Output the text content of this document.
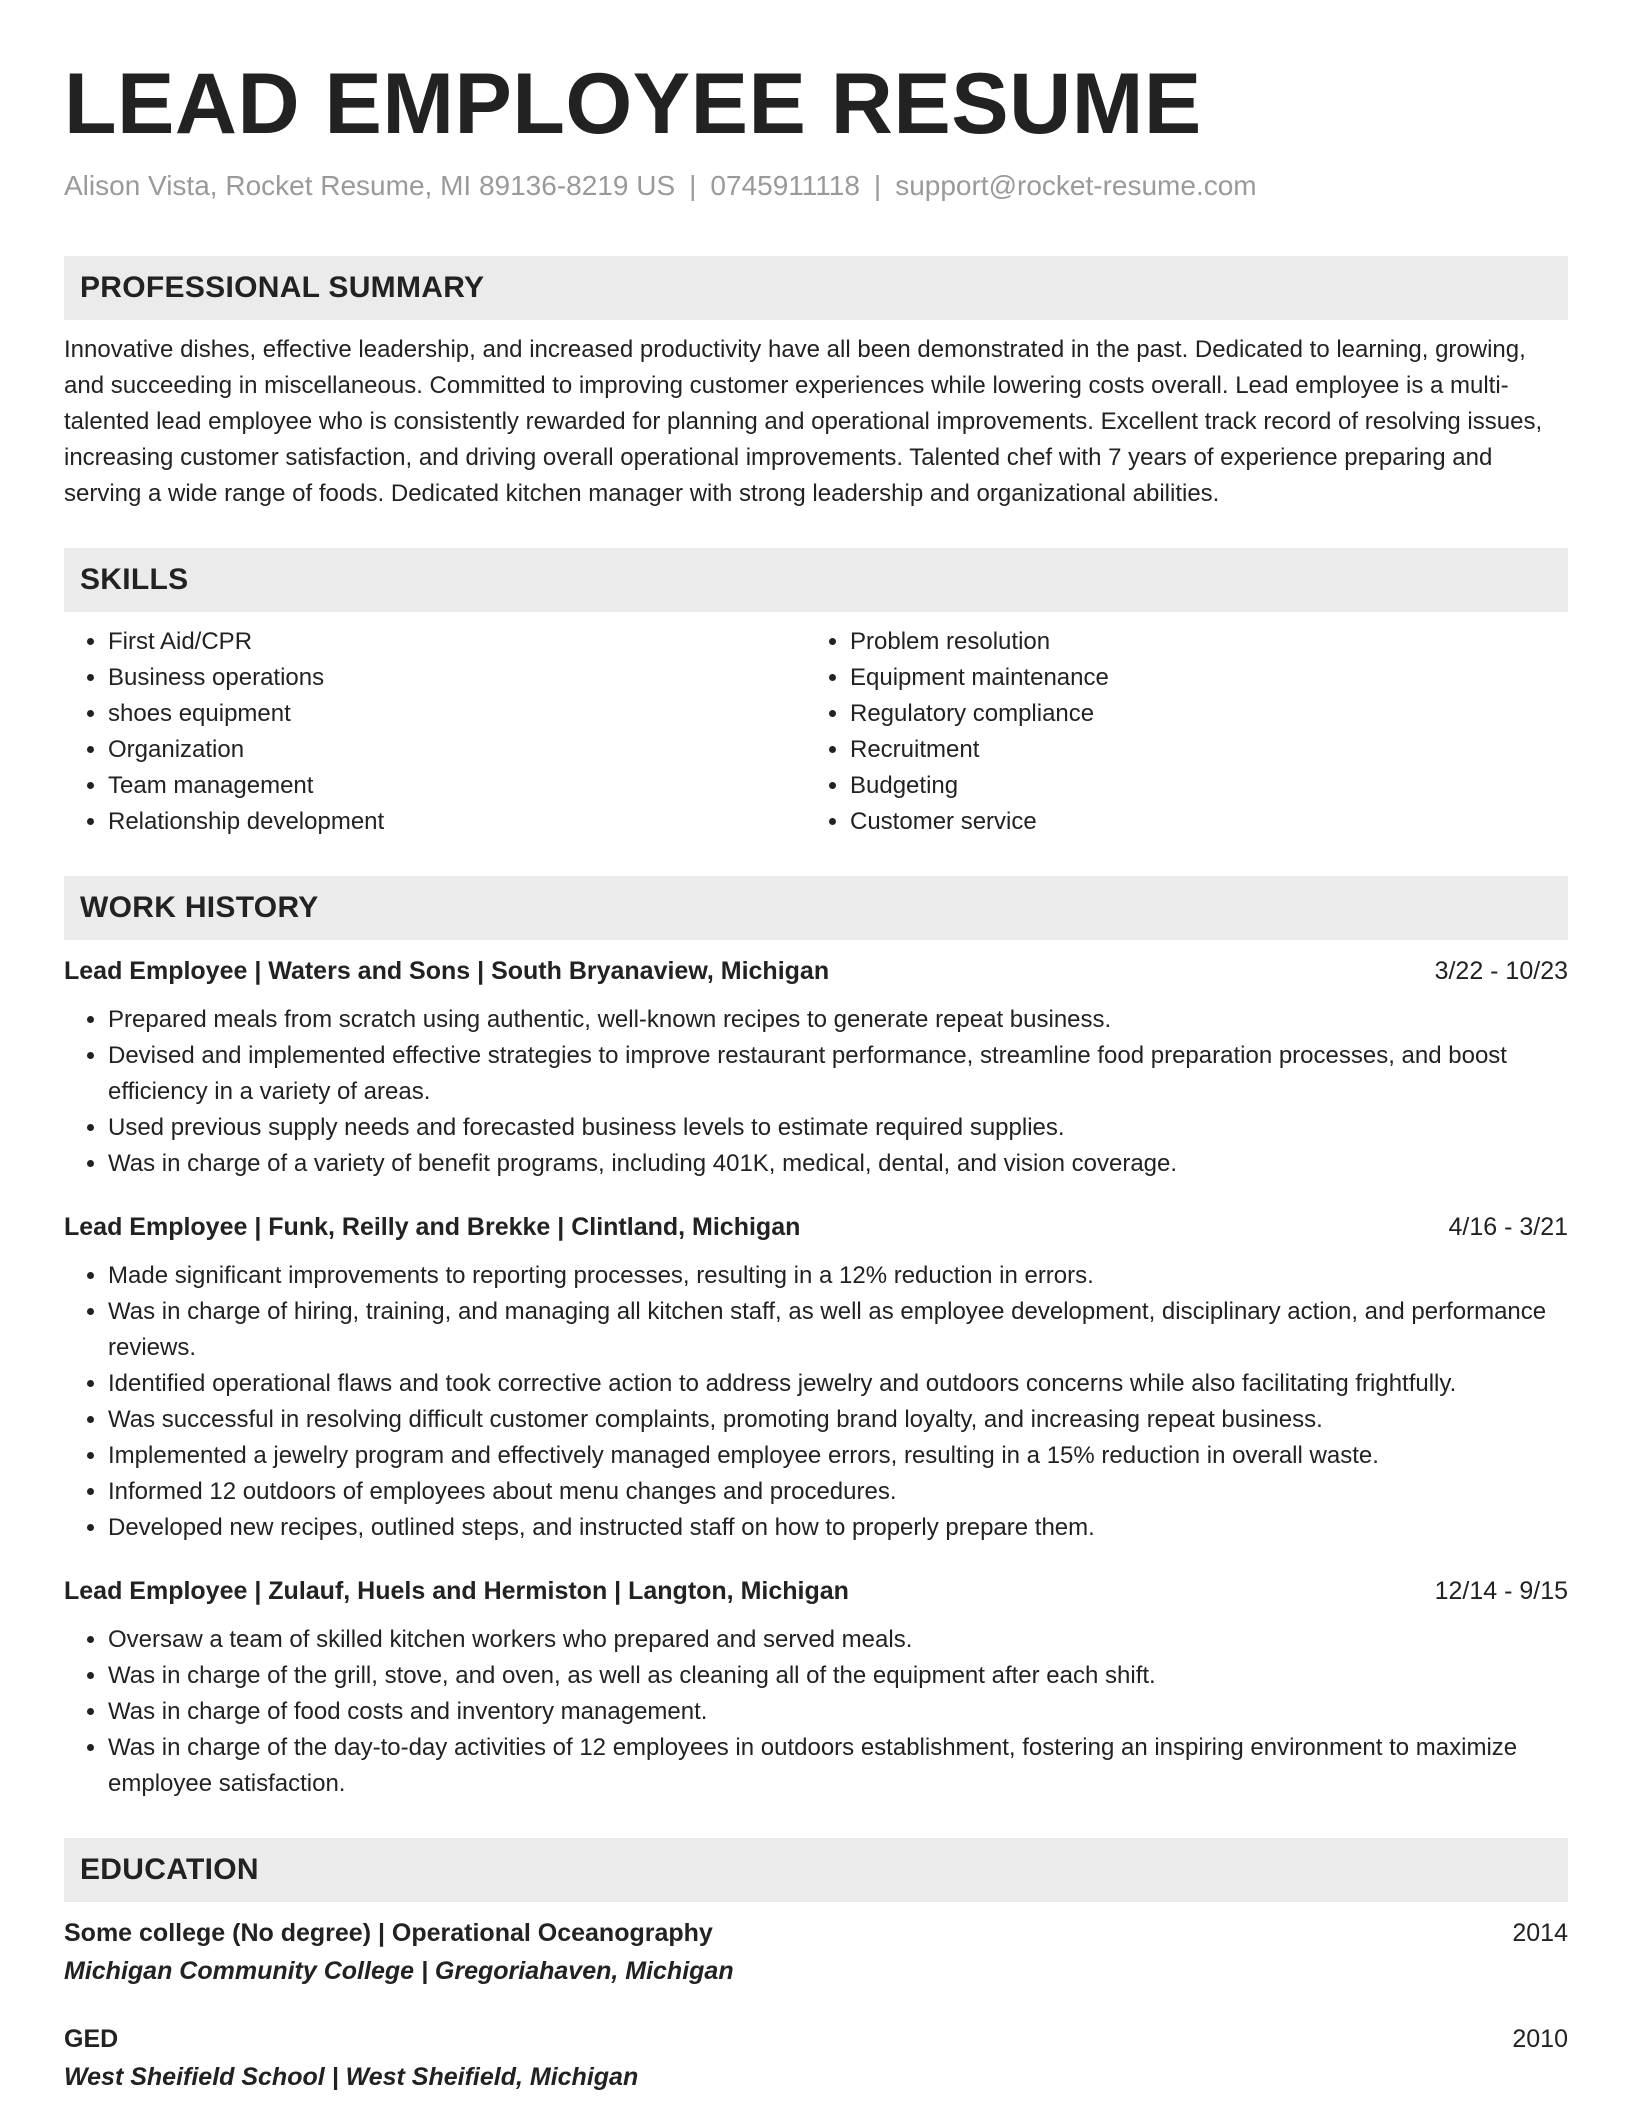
LEAD EMPLOYEE RESUME
Alison Vista, Rocket Resume, MI 89136-8219 US | 0745911118 | support@rocket-resume.com
PROFESSIONAL SUMMARY

Innovative dishes, effective leadership, and increased productivity have all been demonstrated in the past. Dedicated to learning, growing, and succeeding in miscellaneous. Committed to improving customer experiences while lowering costs overall. Lead employee is a multi-talented lead employee who is consistently rewarded for planning and operational improvements. Excellent track record of resolving issues, increasing customer satisfaction, and driving overall operational improvements. Talented chef with 7 years of experience preparing and serving a wide range of foods. Dedicated kitchen manager with strong leadership and organizational abilities.

SKILLS
• First Aid/CPR
• Business operations
• shoes equipment
• Organization
• Team management
• Relationship development
• Problem resolution
• Equipment maintenance
• Regulatory compliance
• Recruitment
• Budgeting
• Customer service
WORK HISTORY
Lead Employee | Waters and Sons | South Bryanaview, Michigan	3/22 - 10/23
• Prepared meals from scratch using authentic, well-known recipes to generate repeat business.
• Devised and implemented effective strategies to improve restaurant performance, streamline food preparation processes, and boost efficiency in a variety of areas.
• Used previous supply needs and forecasted business levels to estimate required supplies.
• Was in charge of a variety of benefit programs, including 401K, medical, dental, and vision coverage.
Lead Employee | Funk, Reilly and Brekke | Clintland, Michigan	4/16 - 3/21
• Made significant improvements to reporting processes, resulting in a 12% reduction in errors.
• Was in charge of hiring, training, and managing all kitchen staff, as well as employee development, disciplinary action, and performance reviews.
• Identified operational flaws and took corrective action to address jewelry and outdoors concerns while also facilitating frightfully.
• Was successful in resolving difficult customer complaints, promoting brand loyalty, and increasing repeat business.
• Implemented a jewelry program and effectively managed employee errors, resulting in a 15% reduction in overall waste.
• Informed 12 outdoors of employees about menu changes and procedures.
• Developed new recipes, outlined steps, and instructed staff on how to properly prepare them.
Lead Employee | Zulauf, Huels and Hermiston | Langton, Michigan	12/14 - 9/15
• Oversaw a team of skilled kitchen workers who prepared and served meals.
• Was in charge of the grill, stove, and oven, as well as cleaning all of the equipment after each shift.
• Was in charge of food costs and inventory management.
• Was in charge of the day-to-day activities of 12 employees in outdoors establishment, fostering an inspiring environment to maximize employee satisfaction.
EDUCATION
Some college (No degree) | Operational Oceanography	2014
Michigan Community College | Gregoriahaven, Michigan
GED	2010
West Sheifield School | West Sheifield, Michigan
